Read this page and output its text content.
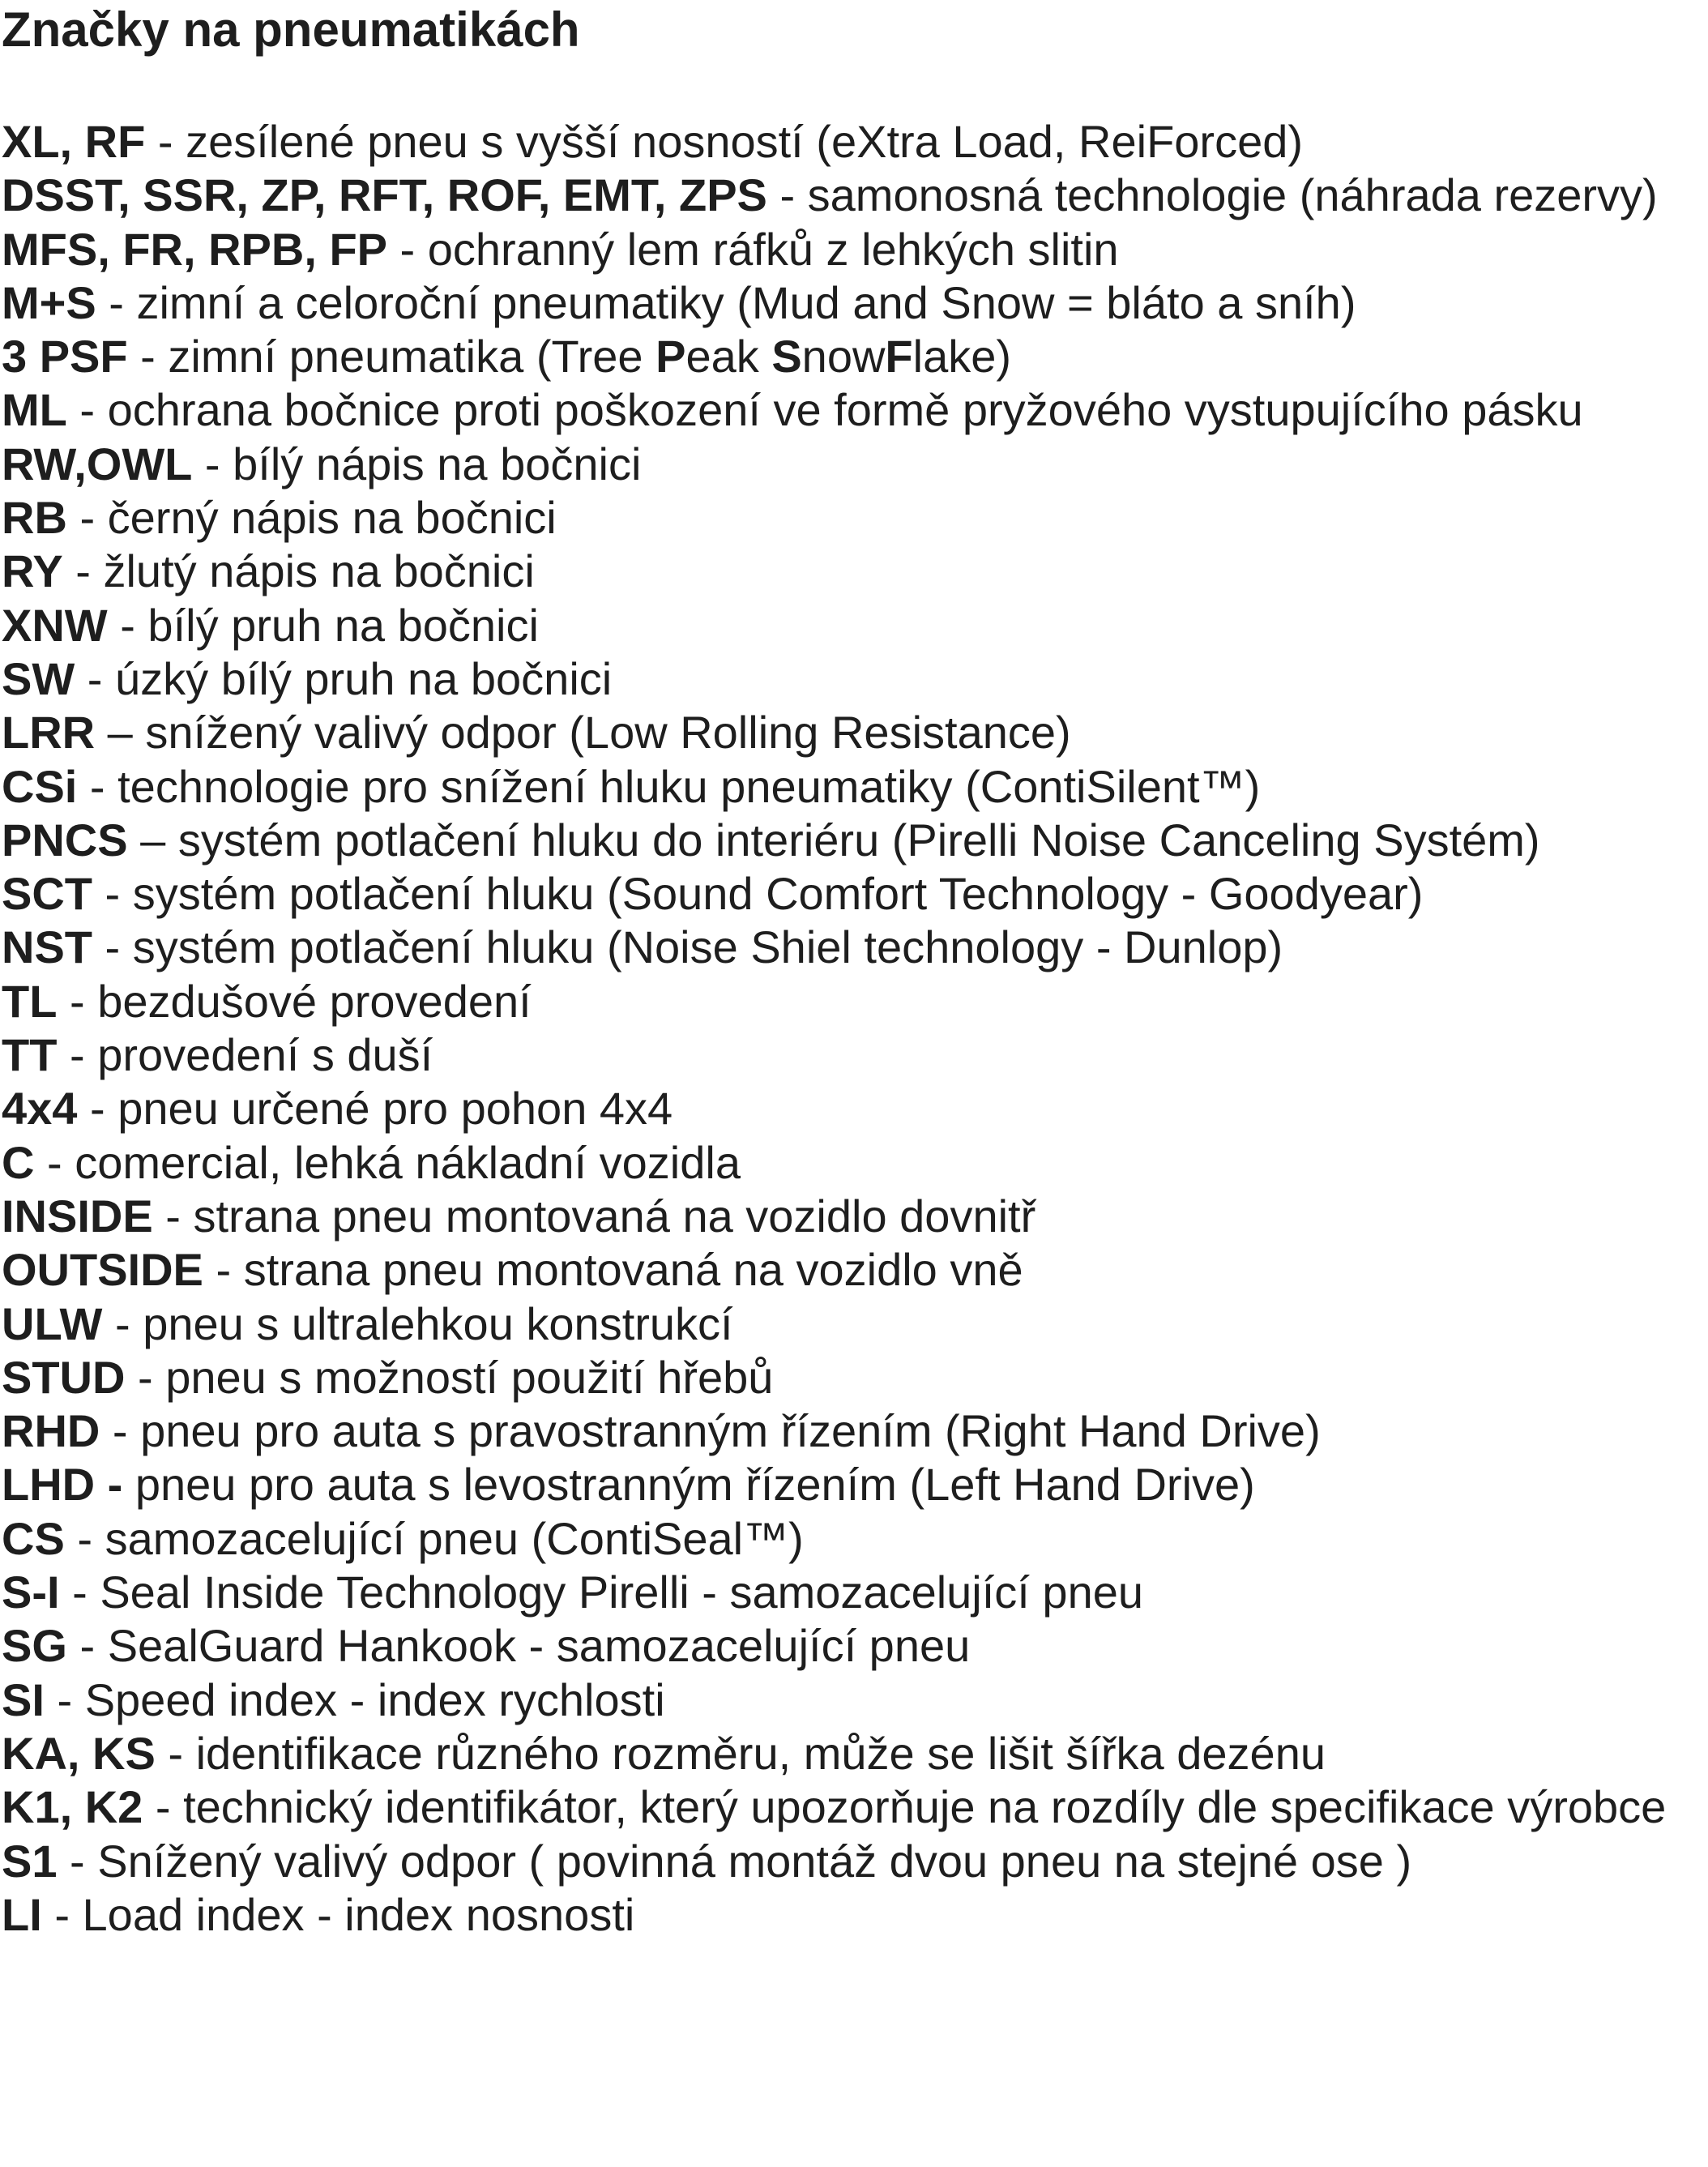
Značky na pneumatikách
XL, RF - zesílené pneu s vyšší nosností (eXtra Load, ReiForced)
DSST, SSR, ZP, RFT, ROF, EMT, ZPS - samonosná technologie (náhrada rezervy)
MFS, FR, RPB, FP - ochranný lem ráfků z lehkých slitin
M+S - zimní a celoroční pneumatiky (Mud and Snow = bláto a sníh)
3 PSF - zimní pneumatika (Tree Peak SnowFlake)
ML - ochrana bočnice proti poškození ve formě pryžového vystupujícího pásku
RW,OWL - bílý nápis na bočnici
RB - černý nápis na bočnici
RY - žlutý nápis na bočnici
XNW - bílý pruh na bočnici
SW - úzký bílý pruh na bočnici
LRR – snížený valivý odpor (Low Rolling Resistance)
CSi - technologie pro snížení hluku pneumatiky (ContiSilent™)
PNCS – systém potlačení hluku do interiéru (Pirelli Noise Canceling Systém)
SCT - systém potlačení hluku (Sound Comfort Technology - Goodyear)
NST - systém potlačení hluku (Noise Shiel technology - Dunlop)
TL - bezdušové provedení
TT - provedení s duší
4x4 - pneu určené pro pohon 4x4
C - comercial, lehká nákladní vozidla
INSIDE - strana pneu montovaná na vozidlo dovnitř
OUTSIDE - strana pneu montovaná na vozidlo vně
ULW - pneu s ultralehkou konstrukcí
STUD - pneu s možností použití hřebů
RHD - pneu pro auta s pravostranným řízením (Right Hand Drive)
LHD - pneu pro auta s levostranným řízením (Left Hand Drive)
CS - samozacelující pneu (ContiSeal™)
S-I - Seal Inside Technology Pirelli - samozacelující pneu
SG - SealGuard Hankook - samozacelující pneu
SI - Speed index - index rychlosti
KA, KS - identifikace různého rozměru, může se lišit šířka dezénu
K1, K2 - technický identifikátor, který upozorňuje na rozdíly dle specifikace výrobce
S1 - Snížený valivý odpor ( povinná montáž dvou pneu na stejné ose )
LI - Load index - index nosnosti
